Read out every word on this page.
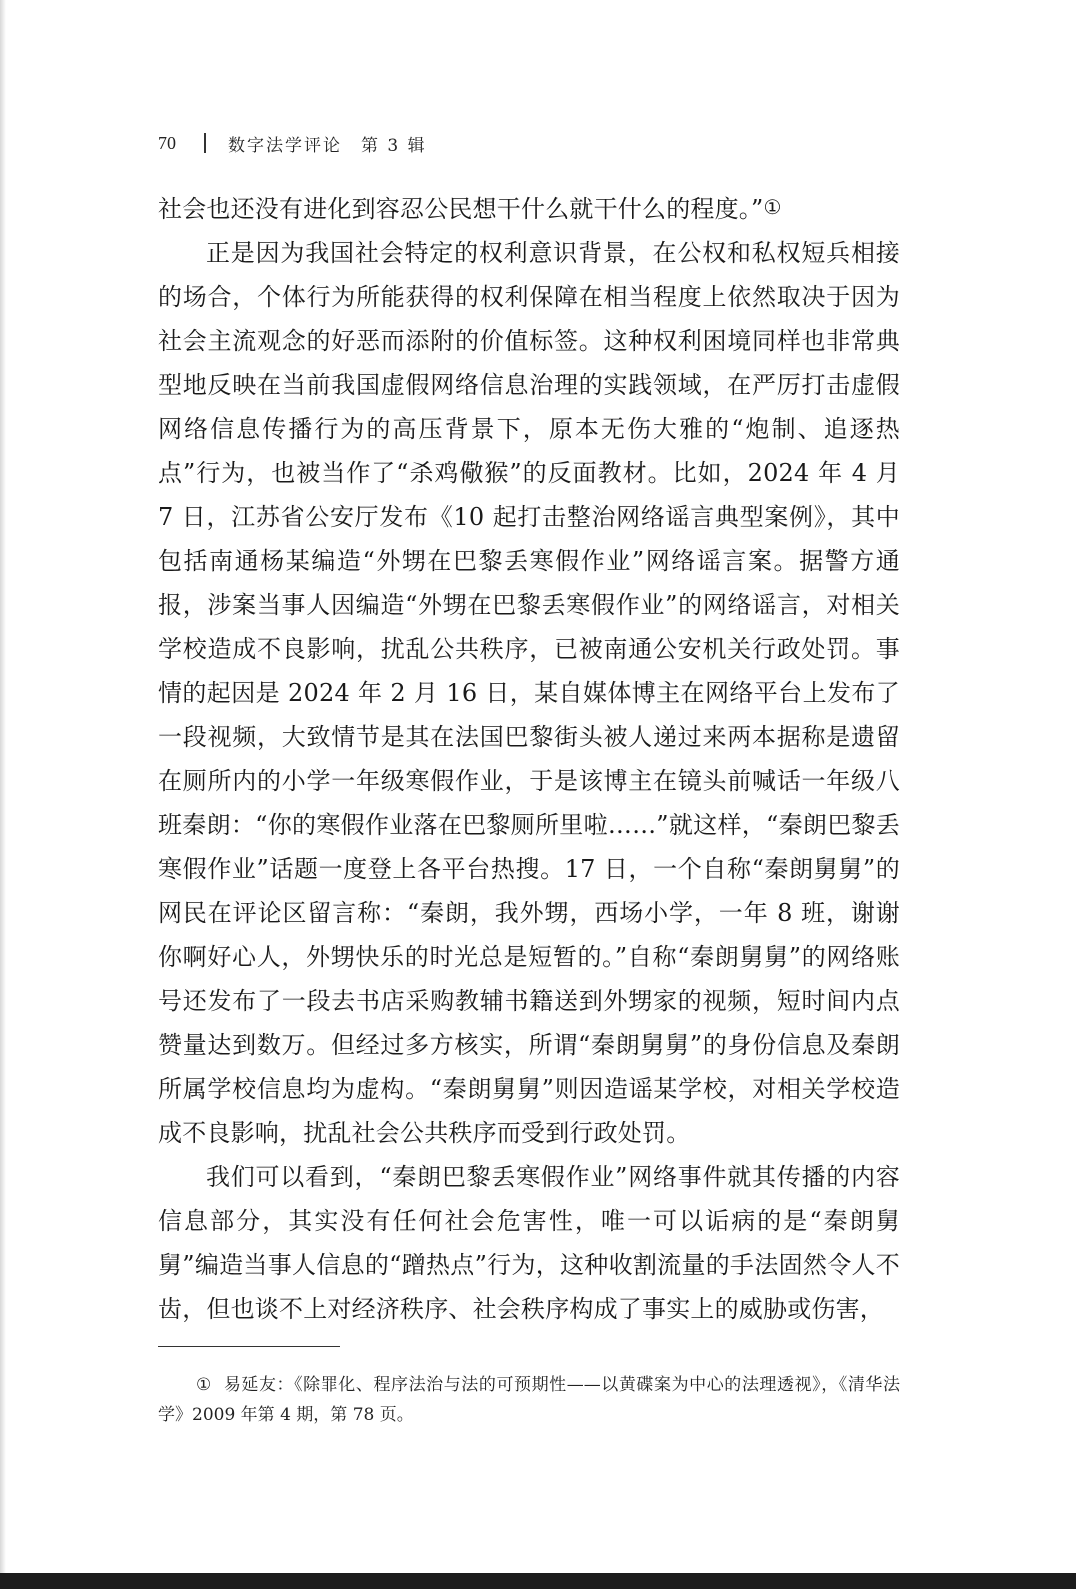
70	数字法学评论　第 3 辑

社会也还没有进化到容忍公民想干什么就干什么的程度。”①

正是因为我国社会特定的权利意识背景，在公权和私权短兵相接的场合，个体行为所能获得的权利保障在相当程度上依然取决于因为社会主流观念的好恶而添附的价值标签。这种权利困境同样也非常典型地反映在当前我国虚假网络信息治理的实践领域，在严厉打击虚假网络信息传播行为的高压背景下，原本无伤大雅的“炮制、追逐热点”行为，也被当作了“杀鸡儆猴”的反面教材。比如，2024 年 4 月 7 日，江苏省公安厅发布《10 起打击整治网络谣言典型案例》，其中包括南通杨某编造“外甥在巴黎丢寒假作业”网络谣言案。据警方通报，涉案当事人因编造“外甥在巴黎丢寒假作业”的网络谣言，对相关学校造成不良影响，扰乱公共秩序，已被南通公安机关行政处罚。事情的起因是 2024 年 2 月 16 日，某自媒体博主在网络平台上发布了一段视频，大致情节是其在法国巴黎街头被人递过来两本据称是遗留在厕所内的小学一年级寒假作业，于是该博主在镜头前喊话一年级八班秦朗：“你的寒假作业落在巴黎厕所里啦……”就这样，“秦朗巴黎丢寒假作业”话题一度登上各平台热搜。17 日，一个自称“秦朗舅舅”的网民在评论区留言称：“秦朗，我外甥，西场小学，一年 8 班，谢谢你啊好心人，外甥快乐的时光总是短暂的。”自称“秦朗舅舅”的网络账号还发布了一段去书店采购教辅书籍送到外甥家的视频，短时间内点赞量达到数万。但经过多方核实，所谓“秦朗舅舅”的身份信息及秦朗所属学校信息均为虚构。“秦朗舅舅”则因造谣某学校，对相关学校造成不良影响，扰乱社会公共秩序而受到行政处罚。

我们可以看到，“秦朗巴黎丢寒假作业”网络事件就其传播的内容信息部分，其实没有任何社会危害性，唯一可以诟病的是“秦朗舅舅”编造当事人信息的“蹭热点”行为，这种收割流量的手法固然令人不齿，但也谈不上对经济秩序、社会秩序构成了事实上的威胁或伤害，

① 易延友：《除罪化、程序法治与法的可预期性——以黄碟案为中心的法理透视》，《清华法学》2009 年第 4 期，第 78 页。
